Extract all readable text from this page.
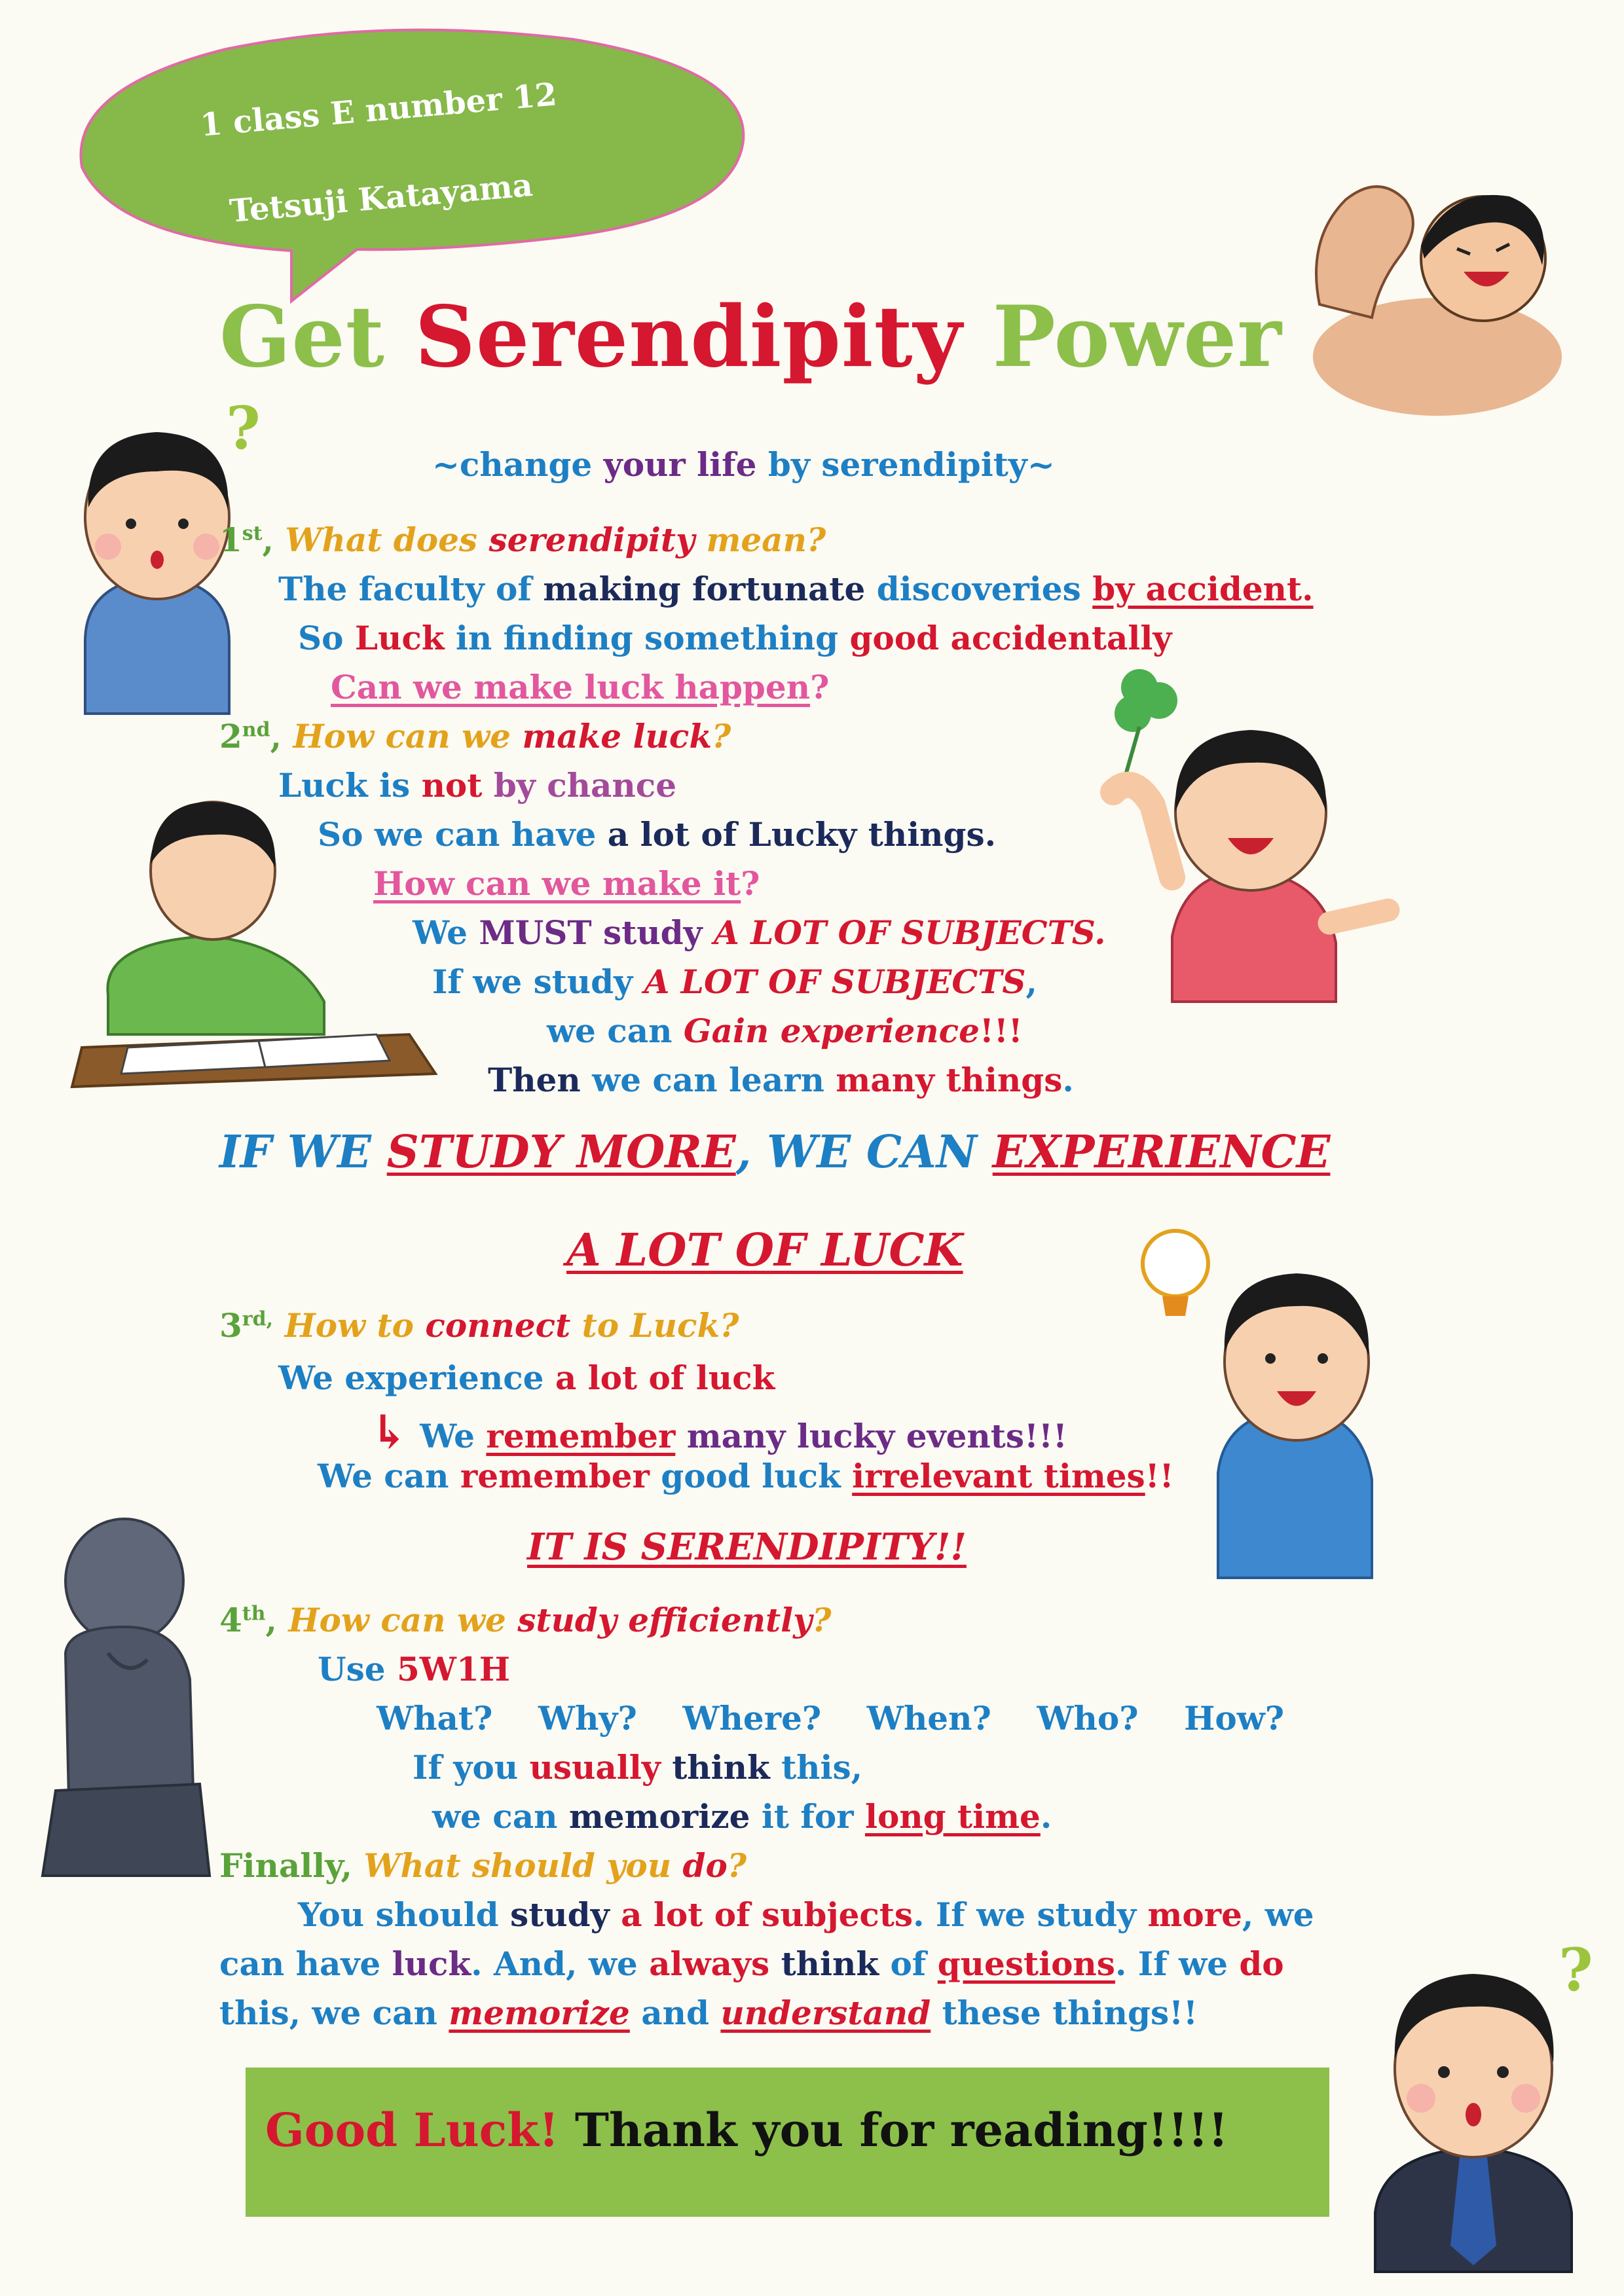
1 class E number 12
Tetsuji Katayama
Get Serendipity Power
?
?
~change your life by serendipity~
1st, What does serendipity mean?
The faculty of making fortunate discoveries by accident.
So Luck in finding something good accidentally
Can we make luck happen?
2nd, How can we make luck?
Luck is not by chance
So we can have a lot of Lucky things.
How can we make it?
We MUST study A LOT OF SUBJECTS.
If we study A LOT OF SUBJECTS,
we can Gain experience!!!
Then we can learn many things.
IF WE STUDY MORE, WE CAN EXPERIENCE
A LOT OF LUCK
$3^{rd,}$ How to connect to Luck?
We experience a lot of luck
↳ We remember many lucky events!!!
We can remember good luck irrelevant times!!
IT IS SERENDIPITY!!
4th, How can we study efficiently?
Use 5W1H
What?    Why?    Where?    When?    Who?    How?
If you usually think this,
we can memorize it for long time.
Finally, What should you do?
You should study a lot of subjects. If we study more, we
can have luck. And, we always think of questions. If we do
this, we can memorize and understand these things!!
Good Luck! Thank you for reading!!!!
